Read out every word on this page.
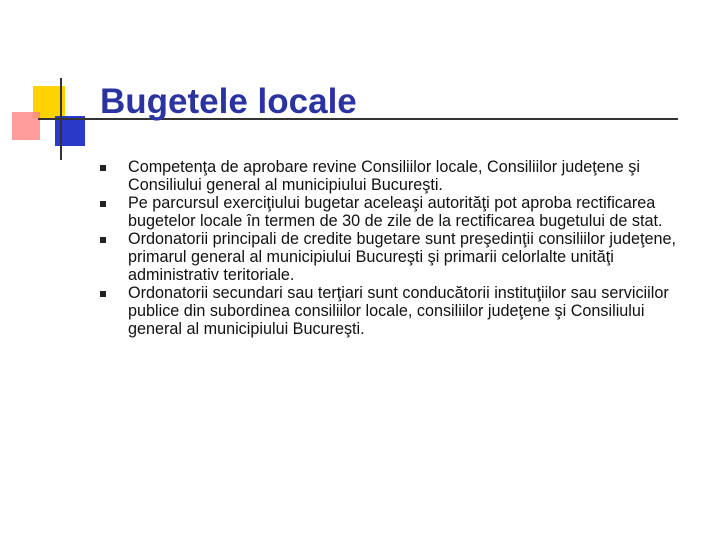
Bugetele locale
Competenţa de aprobare revine Consiliilor locale, Consiliilor judeţene şi Consiliului general al municipiului Bucureşti.
Pe parcursul exerciţiului bugetar aceleaşi autorităţi pot aproba rectificarea bugetelor locale în termen de 30 de zile de la rectificarea bugetului de stat.
Ordonatorii principali de credite bugetare sunt preşedinţii consiliilor judeţene, primarul general al municipiului Bucureşti şi primarii celorlalte unităţi administrativ teritoriale.
Ordonatorii secundari sau terţiari sunt conducătorii instituţiilor sau serviciilor publice din subordinea consiliilor locale, consiliilor judeţene şi Consiliului general al municipiului Bucureşti.
